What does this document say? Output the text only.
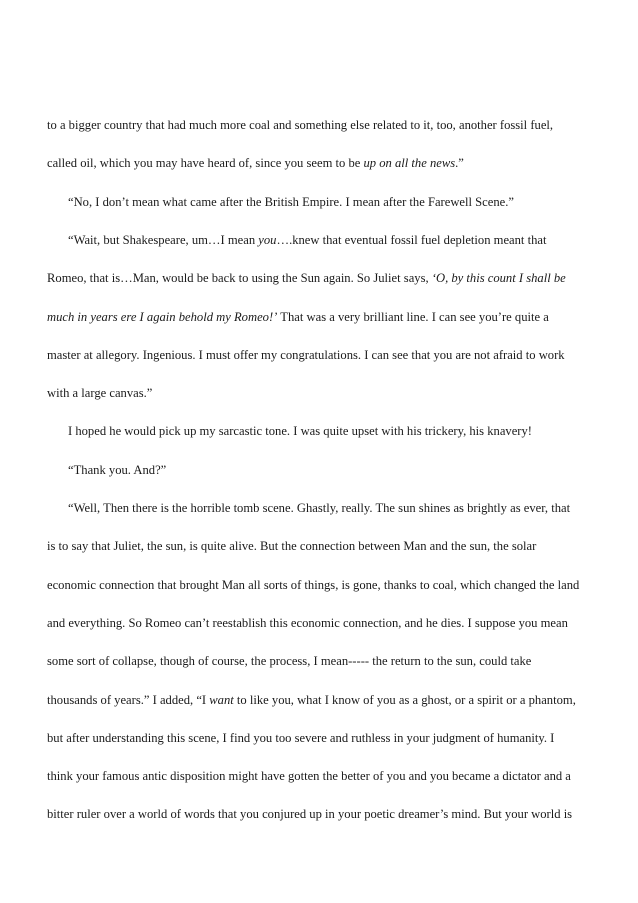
to a bigger country that had much more coal and something else related to it, too, another fossil fuel,
called oil, which you may have heard of, since you seem to be up on all the news.”
“No, I don’t mean what came after the British Empire. I mean after the Farewell Scene.”
“Wait, but Shakespeare, um…I mean you….knew that eventual fossil fuel depletion meant that
Romeo, that is…Man, would be back to using the Sun again. So Juliet says, ‘O, by this count I shall be
much in years ere I again behold my Romeo!’ That was a very brilliant line. I can see you’re quite a
master at allegory. Ingenious. I must offer my congratulations. I can see that you are not afraid to work
with a large canvas.”
I hoped he would pick up my sarcastic tone. I was quite upset with his trickery, his knavery!
“Thank you. And?”
“Well, Then there is the horrible tomb scene. Ghastly, really. The sun shines as brightly as ever, that
is to say that Juliet, the sun, is quite alive. But the connection between Man and the sun, the solar
economic connection that brought Man all sorts of things, is gone, thanks to coal, which changed the land
and everything. So Romeo can’t reestablish this economic connection, and he dies. I suppose you mean
some sort of collapse, though of course, the process, I mean----- the return to the sun, could take
thousands of years.” I added, “I want to like you, what I know of you as a ghost, or a spirit or a phantom,
but after understanding this scene, I find you too severe and ruthless in your judgment of humanity. I
think your famous antic disposition might have gotten the better of you and you became a dictator and a
bitter ruler over a world of words that you conjured up in your poetic dreamer’s mind. But your world is
